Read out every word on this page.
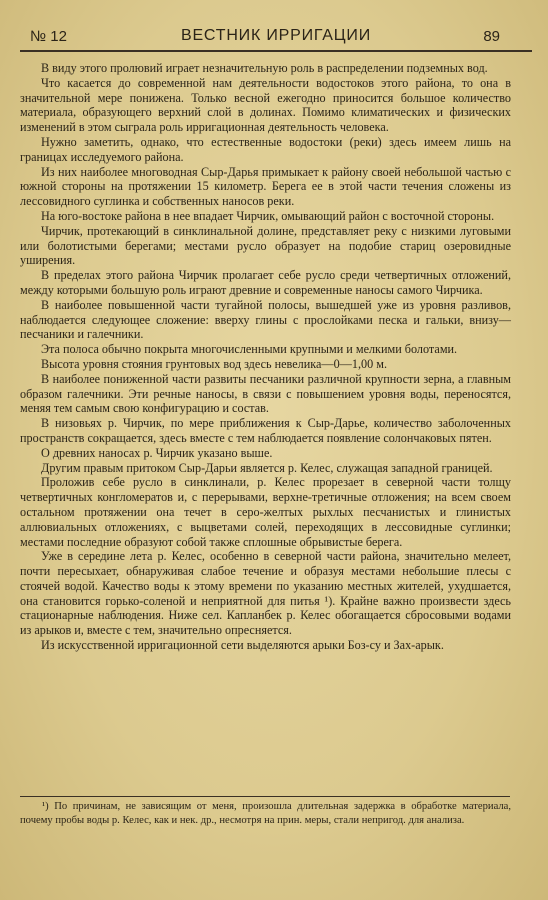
№ 12	ВЕСТНИК ИРРИГАЦИИ	89

В виду этого пролювий играет незначительную роль в распределении подземных вод.

Что касается до современной нам деятельности водостоков этого района, то она в значительной мере понижена. Только весной ежегодно приносится большое количество материала, образующего верхний слой в долинах. Помимо климатических и физических изменений в этом сыграла роль ирригационная деятельность человека.

Нужно заметить, однако, что естественные водостоки (реки) здесь имеем лишь на границах исследуемого района.

Из них наиболее многоводная Сыр-Дарья примыкает к району своей небольшой частью с южной стороны на протяжении 15 километр. Берега ее в этой части течения сложены из лессовидного суглинка и собственных наносов реки.

На юго-востоке района в нее впадает Чирчик, омывающий район с восточной стороны.

Чирчик, протекающий в синклинальной долине, представляет реку с низкими луговыми или болотистыми берегами; местами русло образует на подобие стариц озеровидные уширения.

В пределах этого района Чирчик пролагает себе русло среди четвертичных отложений, между которыми большую роль играют древние и современные наносы самого Чирчика.

В наиболее повышенной части тугайной полосы, вышедшей уже из уровня разливов, наблюдается следующее сложение: вверху глины с прослойками песка и гальки, внизу—песчаники и галечники.

Эта полоса обычно покрыта многочисленными крупными и мелкими болотами.

Высота уровня стояния грунтовых вод здесь невелика—0—1,00 м.

В наиболее пониженной части развиты песчаники различной крупности зерна, а главным образом галечники. Эти речные наносы, в связи с повышением уровня воды, переносятся, меняя тем самым свою конфигурацию и состав.

В низовьях р. Чирчик, по мере приближения к Сыр-Дарье, количество заболоченных пространств сокращается, здесь вместе с тем наблюдается появление солончаковых пятен.

О древних наносах р. Чирчик указано выше.

Другим правым притоком Сыр-Дарьи является р. Келес, служащая западной границей.

Проложив себе русло в синклинали, р. Келес прорезает в северной части толщу четвертичных конгломератов и, с перерывами, верхне-третичные отложения; на всем своем остальном протяжении она течет в серо-желтых рыхлых песчанистых и глинистых аллювиальных отложениях, с выцветами солей, переходящих в лессовидные суглинки; местами последние образуют собой также сплошные обрывистые берега.

Уже в середине лета р. Келес, особенно в северной части района, значительно мелеет, почти пересыхает, обнаруживая слабое течение и образуя местами небольшие плесы с стоячей водой. Качество воды к этому времени по указанию местных жителей, ухудшается, она становится горько-соленой и неприятной для питья ¹). Крайне важно произвести здесь стационарные наблюдения. Ниже сел. Капланбек р. Келес обогащается сбросовыми водами из арыков и, вместе с тем, значительно опресняется.

Из искусственной ирригационной сети выделяются арыки Боз-су и Зах-арык.

¹) По причинам, не зависящим от меня, произошла длительная задержка в обработке материала, почему пробы воды р. Келес, как и нек. др., несмотря на прин. меры, стали непригод. для анализа.
